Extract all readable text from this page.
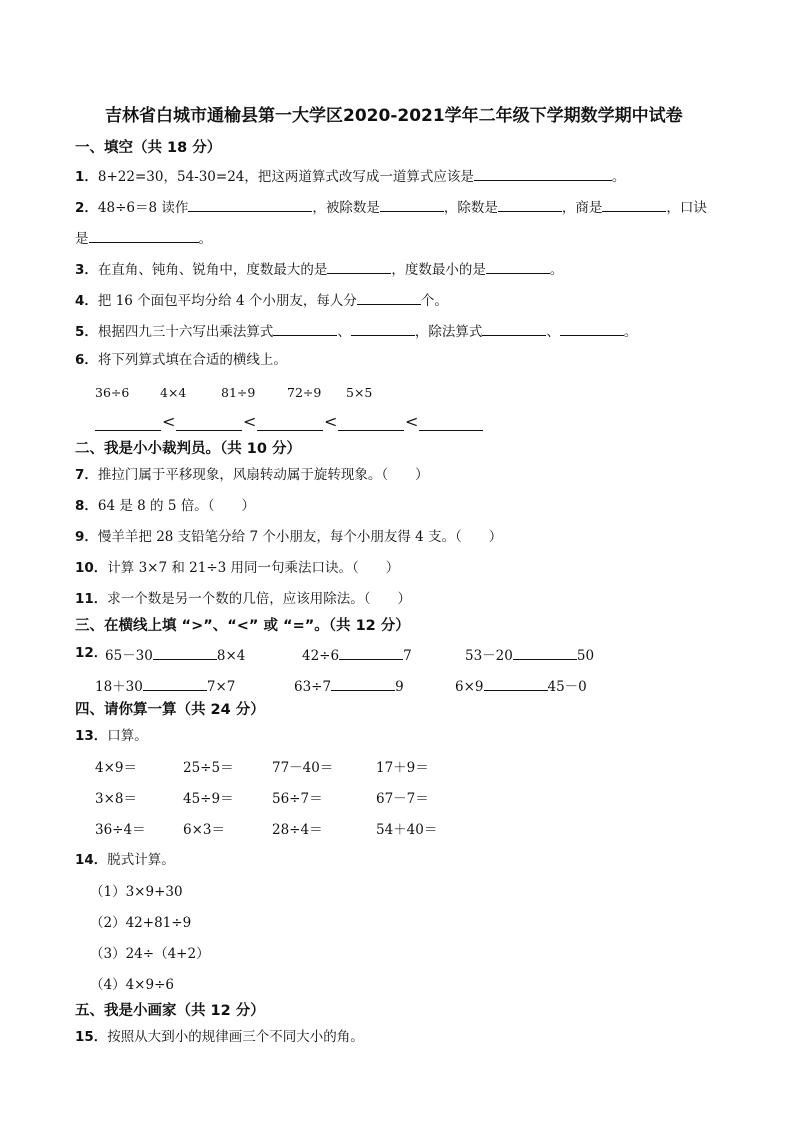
吉林省白城市通榆县第一大学区2020-2021学年二年级下学期数学期中试卷
一、填空（共 18 分）
1．8+22=30，54-30=24，把这两道算式改写成一道算式应该是	。
2．48÷6＝8 读作	，被除数是	，除数是	，商是	，口诀
是	。
3．在直角、钝角、锐角中，度数最大的是	，度数最小的是	。
4．把 16 个面包平均分给 4 个小朋友，每人分	个。
5．根据四九三十六写出乘法算式	、	，除法算式	、	。
6．将下列算式填在合适的横线上。
36÷6 4×4	81÷9	72÷9 5×5
<	<	<	<
二、我是小小裁判员。（共 10 分）
7．推拉门属于平移现象，风扇转动属于旋转现象。（　　）
8．64 是 8 的 5 倍。（　　）
9．慢羊羊把 28 支铅笔分给 7 个小朋友，每个小朋友得 4 支。（　　）
10．计算 3×7 和 21÷3 用同一句乘法口诀。（　　）
11．求一个数是另一个数的几倍，应该用除法。（　　）
三、在横线上填 “>”、“<” 或 “=”。（共 12 分）
12．
65－30	8×4	42÷6	7	53－20	50
18＋30	7×7	63÷7	9	6×9	45－0
四、请你算一算（共 24 分）
13．口算。
4×9＝	25÷5＝	77－40＝	17＋9＝
3×8＝	45÷9＝	56÷7＝	67－7＝
36÷4＝	6×3＝	28÷4＝	54＋40＝
14．脱式计算。
（1）3×9+30
（2）42+81÷9
（3）24÷（4+2）
（4）4×9÷6
五、我是小画家（共 12 分）
15．按照从大到小的规律画三个不同大小的角。
